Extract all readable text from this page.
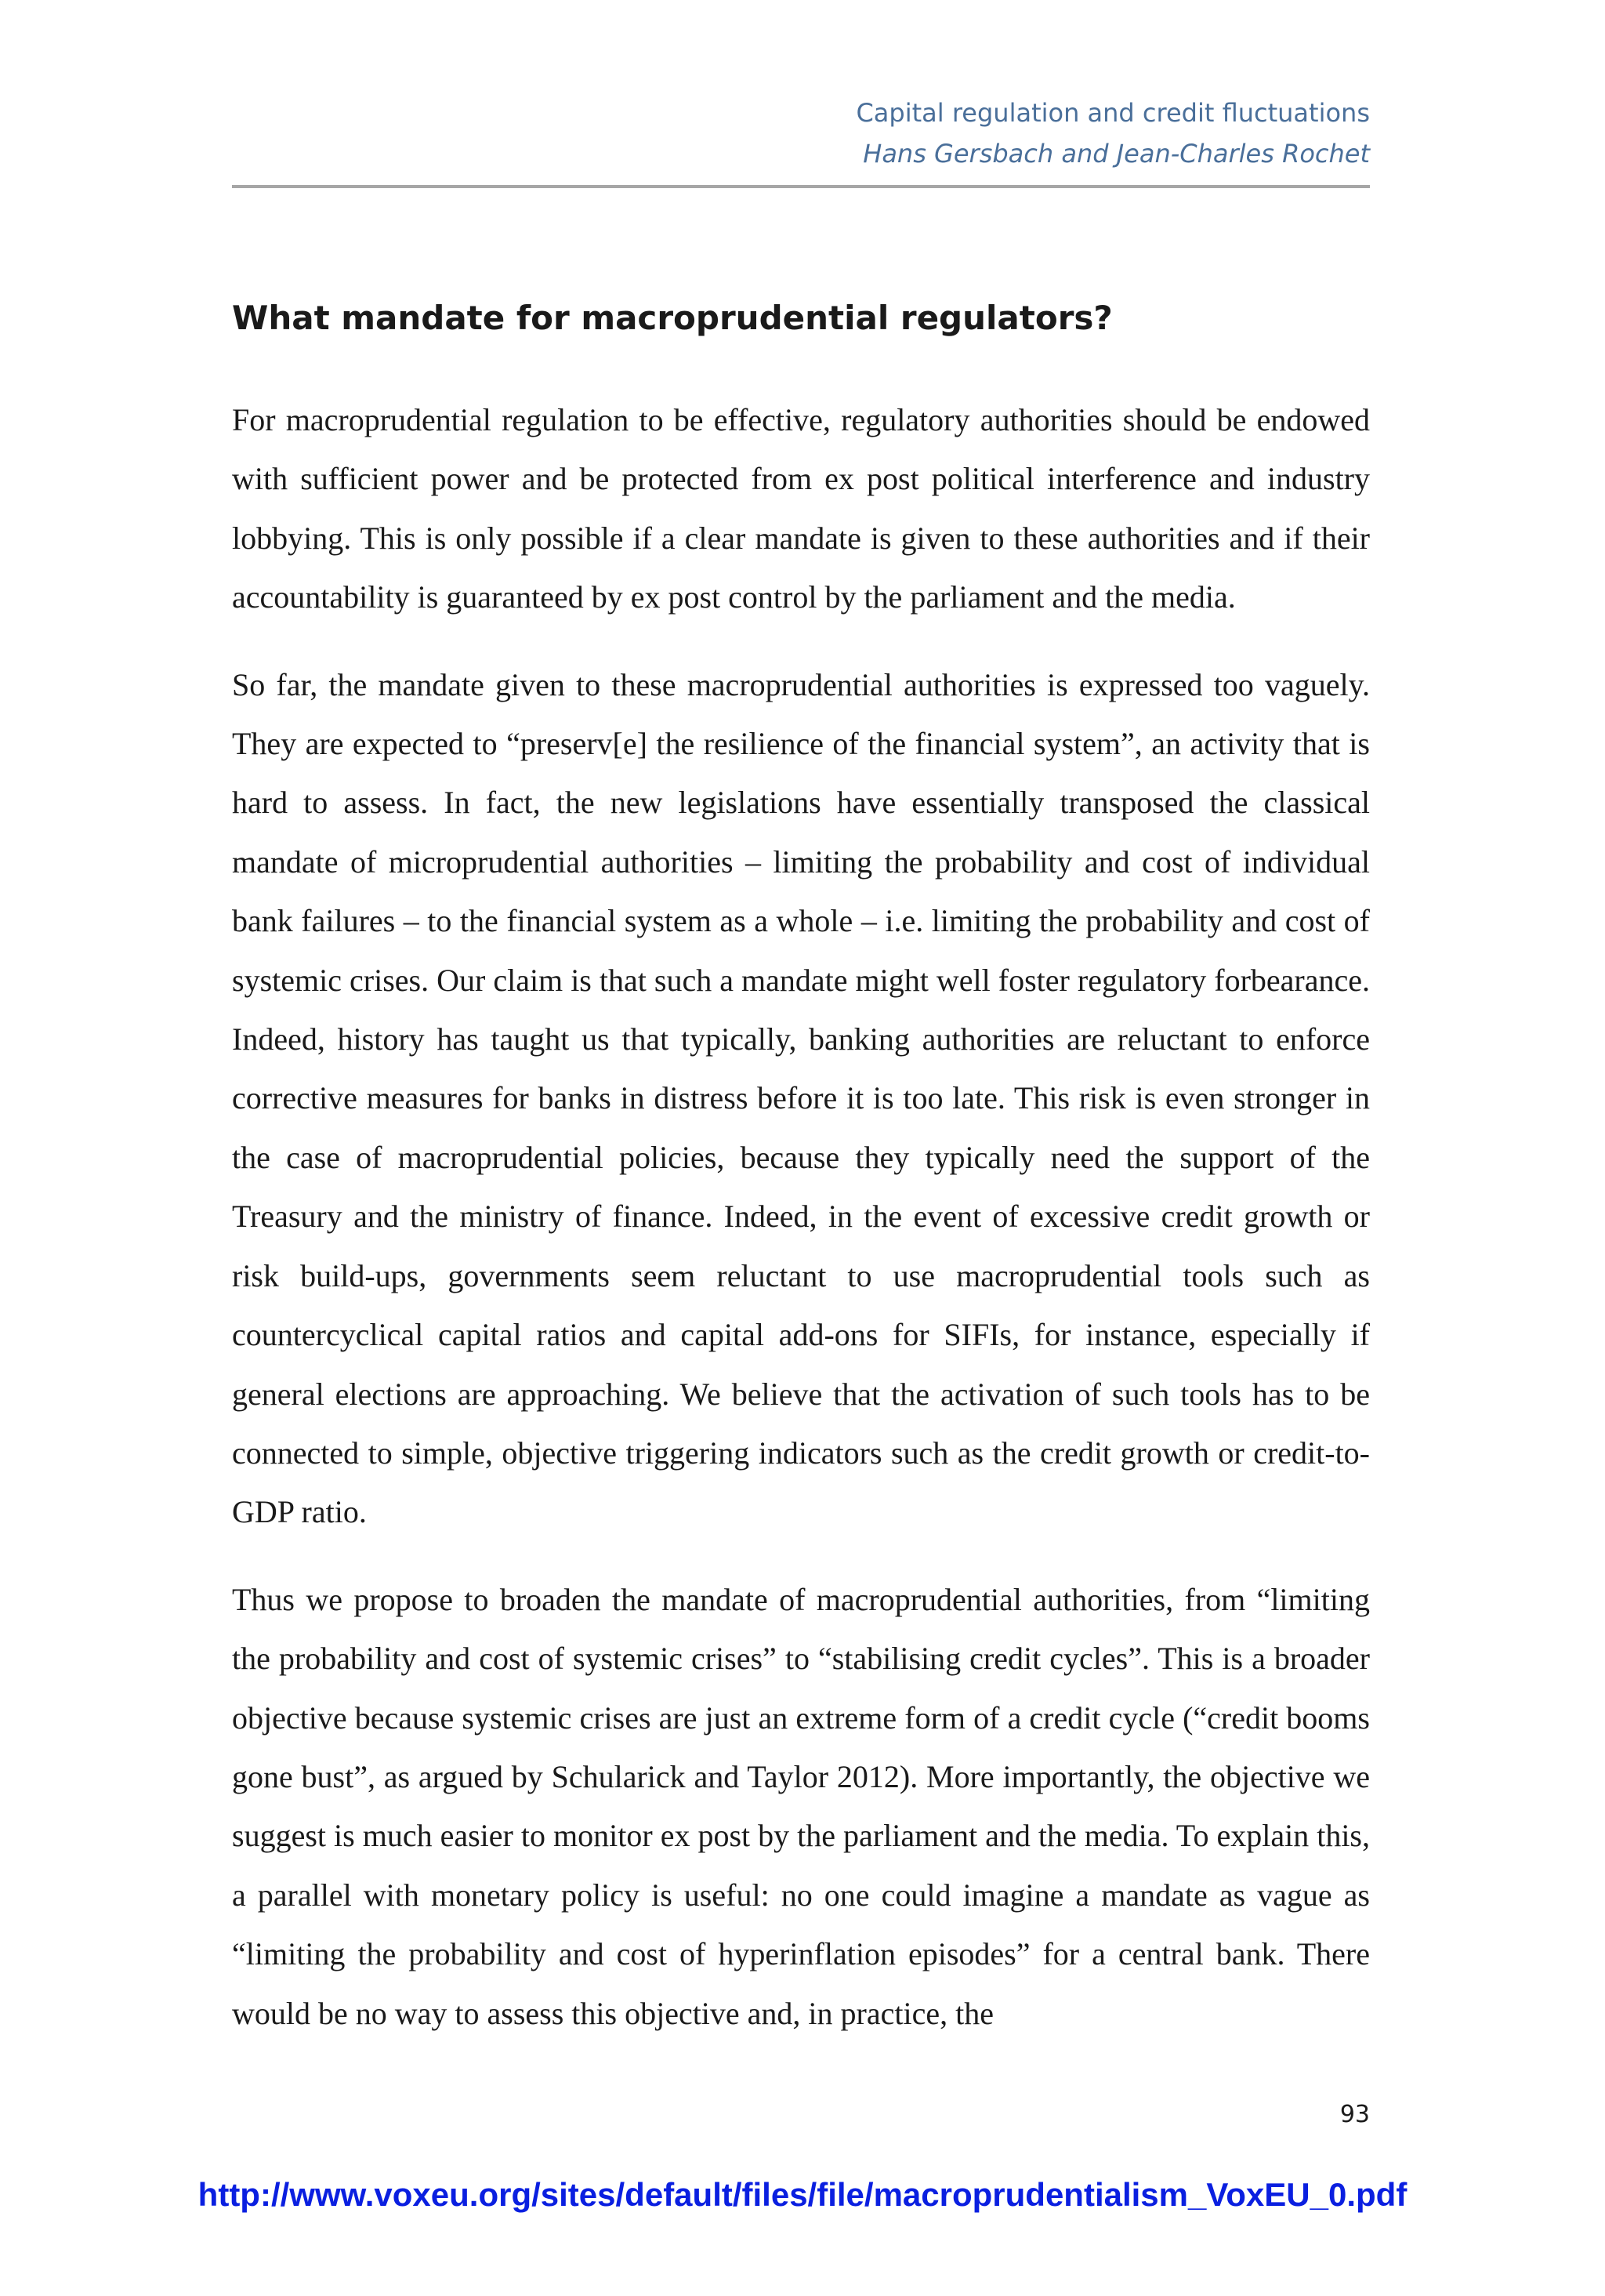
Capital regulation and credit fluctuations
Hans Gersbach and Jean-Charles Rochet
What mandate for macroprudential regulators?

For macroprudential regulation to be effective, regulatory authorities should be endowed with sufficient power and be protected from ex post political interference and industry lobbying. This is only possible if a clear mandate is given to these authorities and if their accountability is guaranteed by ex post control by the parliament and the media.

So far, the mandate given to these macroprudential authorities is expressed too vaguely. They are expected to “preserv[e] the resilience of the financial system”, an activity that is hard to assess. In fact, the new legislations have essentially transposed the classical mandate of microprudential authorities – limiting the probability and cost of individual bank failures – to the financial system as a whole – i.e. limiting the probability and cost of systemic crises. Our claim is that such a mandate might well foster regulatory forbearance. Indeed, history has taught us that typically, banking authorities are reluctant to enforce corrective measures for banks in distress before it is too late. This risk is even stronger in the case of macroprudential policies, because they typically need the support of the Treasury and the ministry of finance. Indeed, in the event of excessive credit growth or risk build-ups, governments seem reluctant to use macroprudential tools such as countercyclical capital ratios and capital add-ons for SIFIs, for instance, especially if general elections are approaching. We believe that the activation of such tools has to be connected to simple, objective triggering indicators such as the credit growth or credit-to-GDP ratio.

Thus we propose to broaden the mandate of macroprudential authorities, from “limiting the probability and cost of systemic crises” to “stabilising credit cycles”. This is a broader objective because systemic crises are just an extreme form of a credit cycle (“credit booms gone bust”, as argued by Schularick and Taylor 2012). More importantly, the objective we suggest is much easier to monitor ex post by the parliament and the media. To explain this, a parallel with monetary policy is useful: no one could imagine a mandate as vague as “limiting the probability and cost of hyperinflation episodes” for a central bank. There would be no way to assess this objective and, in practice, the

93
http://www.voxeu.org/sites/default/files/file/macroprudentialism_VoxEU_0.pdf
